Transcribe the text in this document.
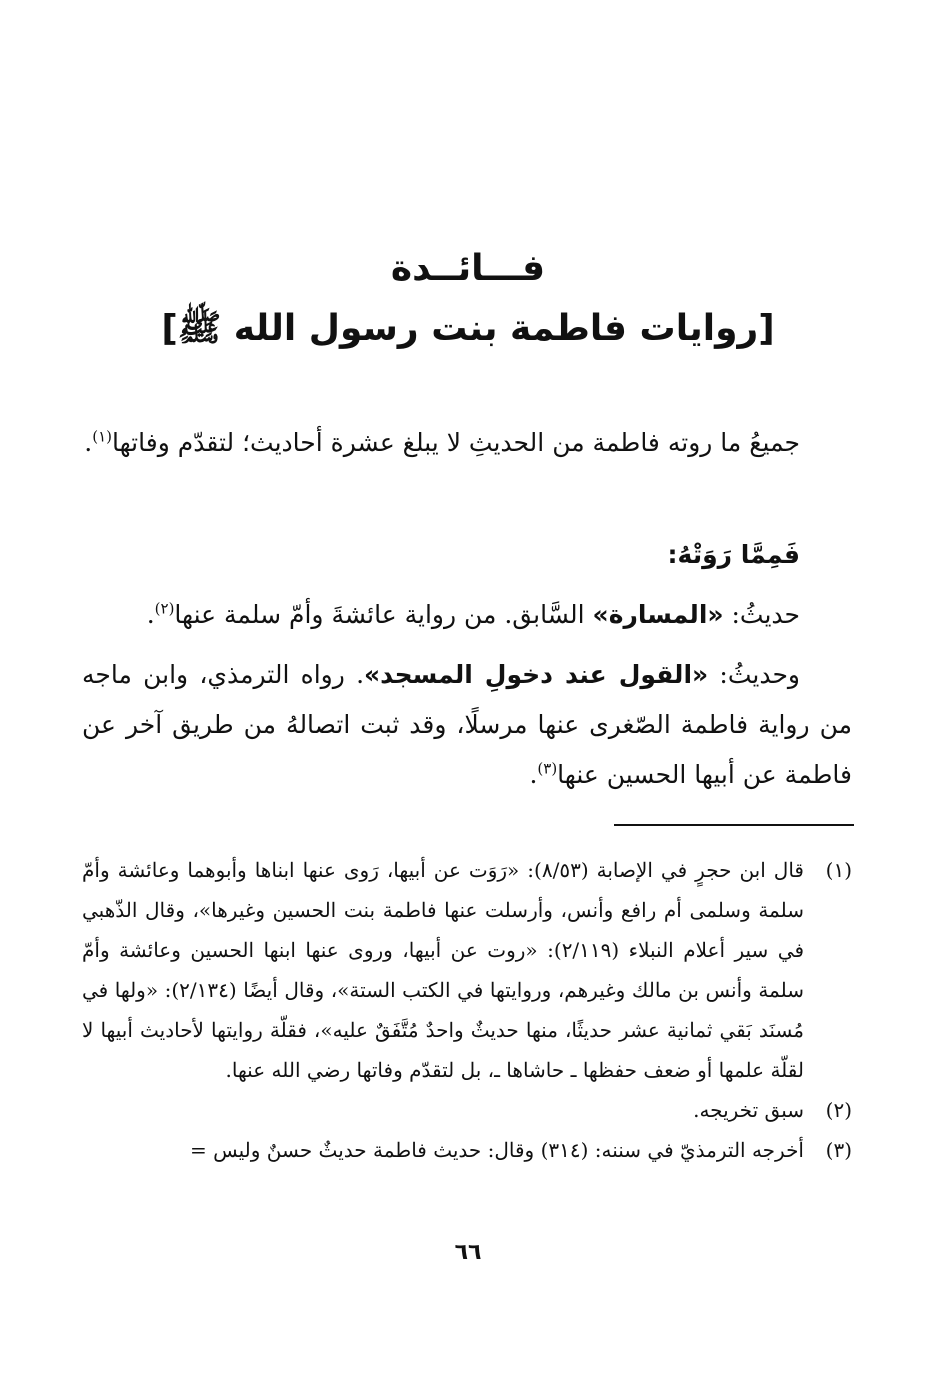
فـــائــدة
[روايات فاطمة بنت رسول الله ﷺ]
جميعُ ما روته فاطمة من الحديثِ لا يبلغ عشرة أحاديث؛ لتقدّم وفاتها$^{(١)}$.
فَمِمَّا رَوَتْهُ:
حديثُ: «المسارة» السَّابق. من رواية عائشةَ وأمّ سلمة عنها$^{(٢)}$.
وحديثُ: «القول عند دخولِ المسجد». رواه الترمذي، وابن ماجه من رواية فاطمة الصّغرى عنها مرسلًا، وقد ثبت اتصالهُ من طريق آخر عن فاطمة عن أبيها الحسين عنها$^{(٣)}$.
(١)
قال ابن حجرٍ في الإصابة (٨/٥٣): «رَوَت عن أبيها، رَوى عنها ابناها وأبوهما وعائشة وأمّ سلمة وسلمى أم رافع وأنس، وأرسلت عنها فاطمة بنت الحسين وغيرها»، وقال الذّهبي في سير أعلام النبلاء (٢/١١٩): «روت عن أبيها، وروى عنها ابنها الحسين وعائشة وأمّ سلمة وأنس بن مالك وغيرهم، وروايتها في الكتب الستة»، وقال أيضًا (٢/١٣٤): «ولها في مُسنَد بَقي ثمانية عشر حديثًا، منها حديثٌ واحدٌ مُتَّفَقٌ عليه»، فقلّة روايتها لأحاديث أبيها لا لقلّة علمها أو ضعف حفظها ـ حاشاها ـ، بل لتقدّم وفاتها رضي الله عنها.
(٢)
سبق تخريجه.
(٣)
أخرجه الترمذيّ في سننه: (٣١٤) وقال: حديث فاطمة حديثٌ حسنٌ وليس =
٦٦
